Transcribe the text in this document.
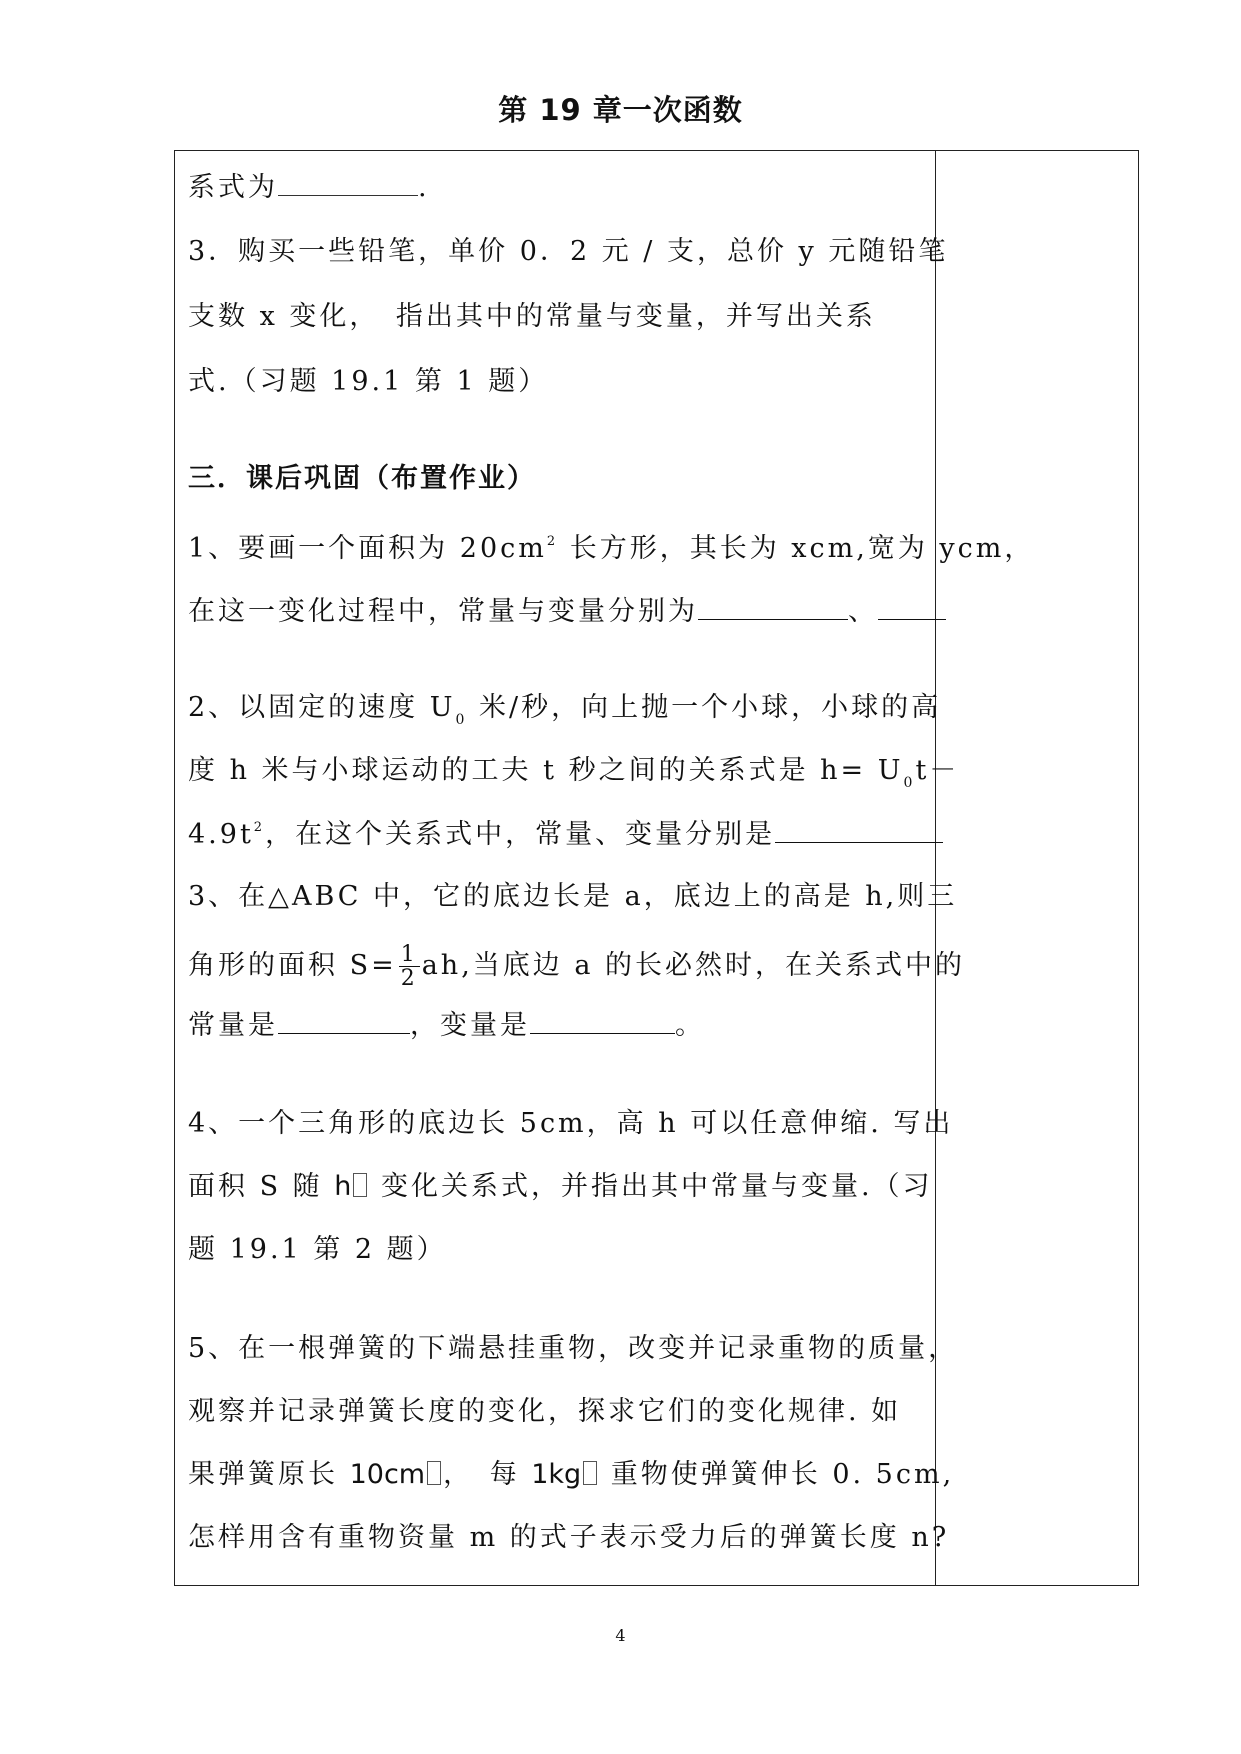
第 19 章一次函数
系式为	.
3．购买一些铅笔，单价 0．2 元 / 支，总价 y 元随铅笔
支数 x 变化，　指出其中的常量与变量，并写出关系
式.（习题 19.1 第 1 题）
三．课后巩固（布置作业）
1、要画一个面积为 $20cm^2$ 长方形，其长为 xcm,宽为 ycm，
在这一变化过程中，常量与变量分别为	、
2、以固定的速度 $U_0$ 米/秒，向上抛一个小球，小球的高
度 h 米与小球运动的工夫 t 秒之间的关系式是 $h= U_0t-$
$4.9t^2$，在这个关系式中，常量、变量分别是
3、在△ABC 中，它的底边长是 a，底边上的高是 h,则三
角形的面积 $S= \frac{1}{2}$ ah,当底边 a 的长必然时，在关系式中的
常量是	，变量是	。
4、一个三角形的底边长 5cm，高 h 可以任意伸缩. 写出
面积 S 随 h 变化关系式，并指出其中常量与变量.（习
题 19.1 第 2 题）
5、在一根弹簧的下端悬挂重物，改变并记录重物的质量，
观察并记录弹簧长度的变化，探求它们的变化规律. 如
果弹簧原长 10cm ，　每 1kg 重物使弹簧伸长 0. 5cm,
怎样用含有重物资量 m 的式子表示受力后的弹簧长度 n?
4
